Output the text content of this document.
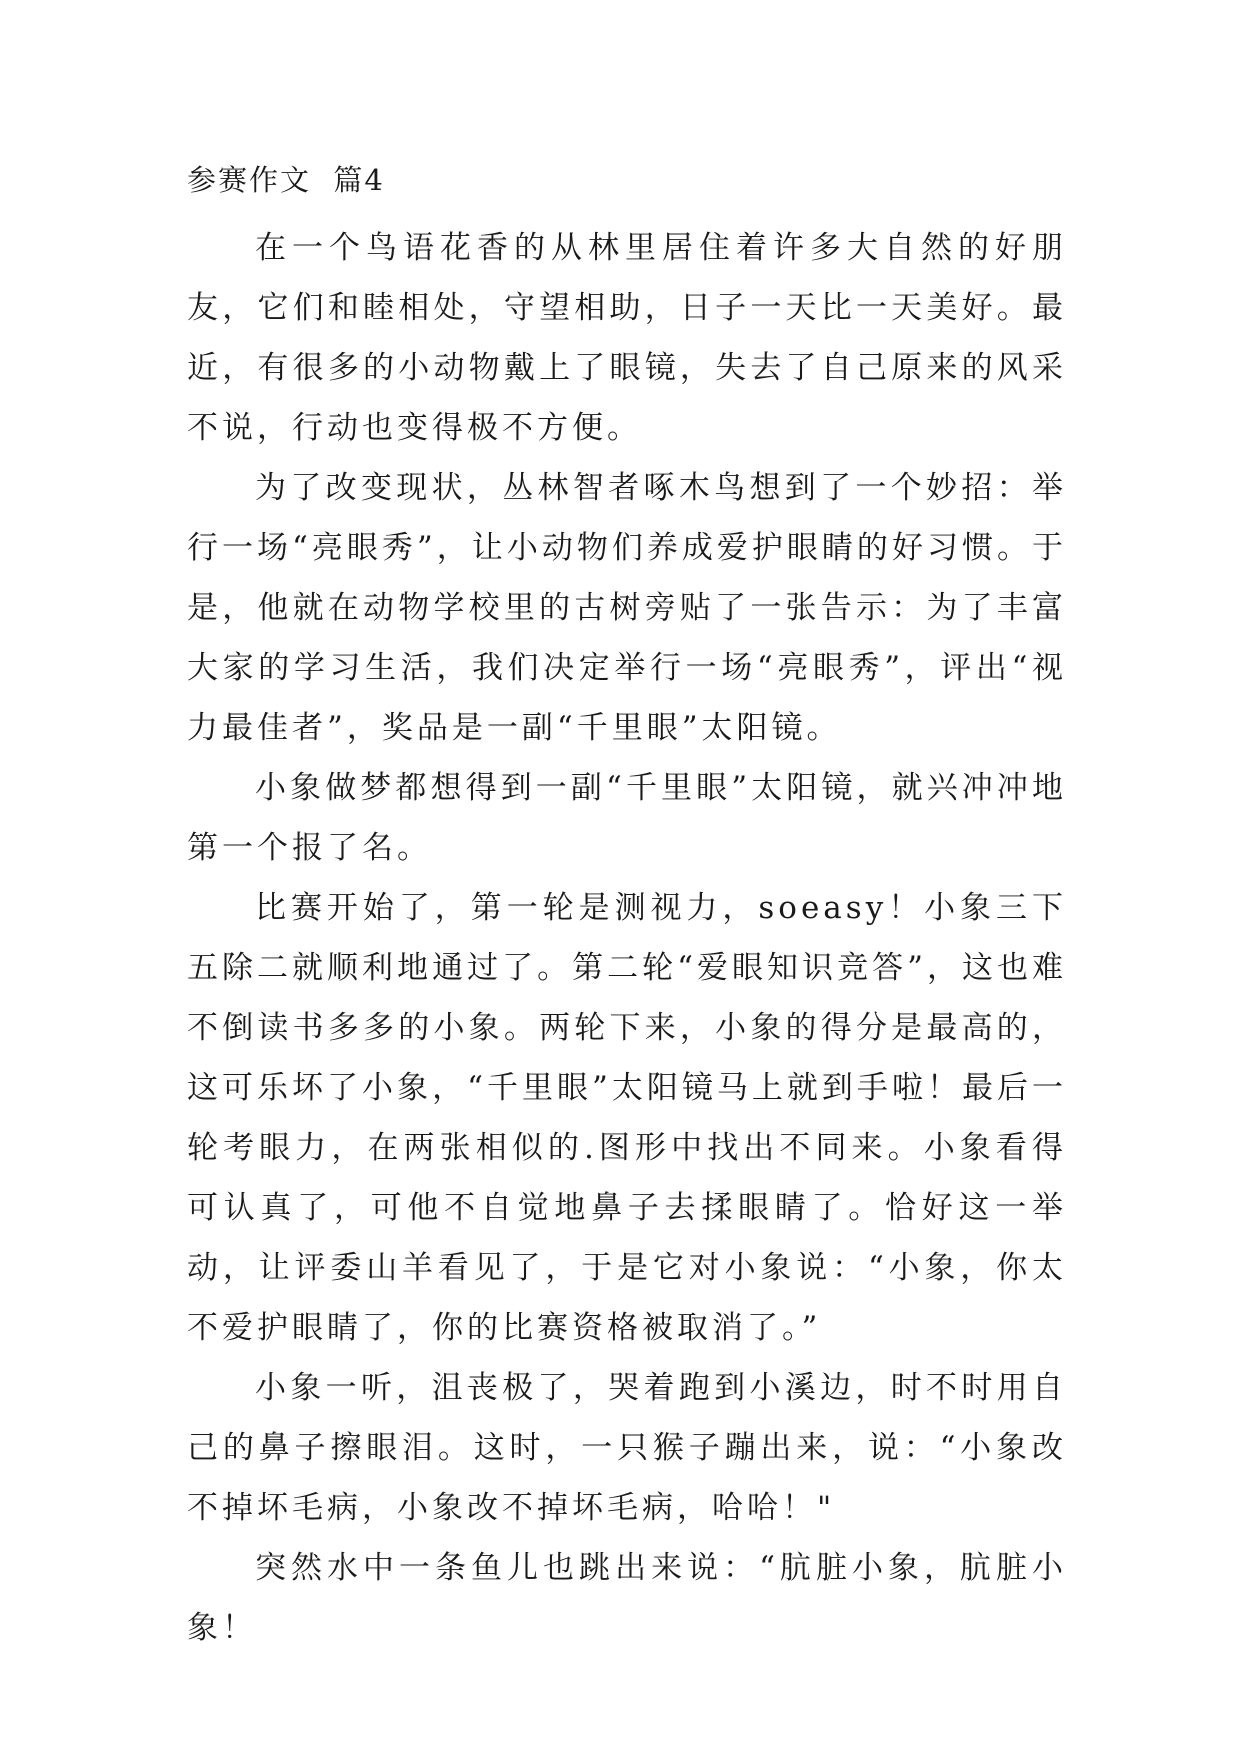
参赛作文  篇4

在一个鸟语花香的从林里居住着许多大自然的好朋友，它们和睦相处，守望相助，日子一天比一天美好。最近，有很多的小动物戴上了眼镜，失去了自己原来的风采不说，行动也变得极不方便。

为了改变现状，丛林智者啄木鸟想到了一个妙招：举行一场“亮眼秀”，让小动物们养成爱护眼睛的好习惯。于是，他就在动物学校里的古树旁贴了一张告示：为了丰富大家的学习生活，我们决定举行一场“亮眼秀”，评出“视力最佳者”，奖品是一副“千里眼”太阳镜。

小象做梦都想得到一副“千里眼”太阳镜，就兴冲冲地第一个报了名。

比赛开始了，第一轮是测视力，soeasy！小象三下五除二就顺利地通过了。第二轮“爱眼知识竞答”，这也难不倒读书多多的小象。两轮下来，小象的得分是最高的，这可乐坏了小象，“千里眼”太阳镜马上就到手啦！最后一轮考眼力，在两张相似的.图形中找出不同来。小象看得可认真了，可他不自觉地鼻子去揉眼睛了。恰好这一举动，让评委山羊看见了，于是它对小象说：“小象，你太不爱护眼睛了，你的比赛资格被取消了。”

小象一听，沮丧极了，哭着跑到小溪边，时不时用自己的鼻子擦眼泪。这时，一只猴子蹦出来，说：“小象改不掉坏毛病，小象改不掉坏毛病，哈哈！"

突然水中一条鱼儿也跳出来说：“肮脏小象，肮脏小象！
